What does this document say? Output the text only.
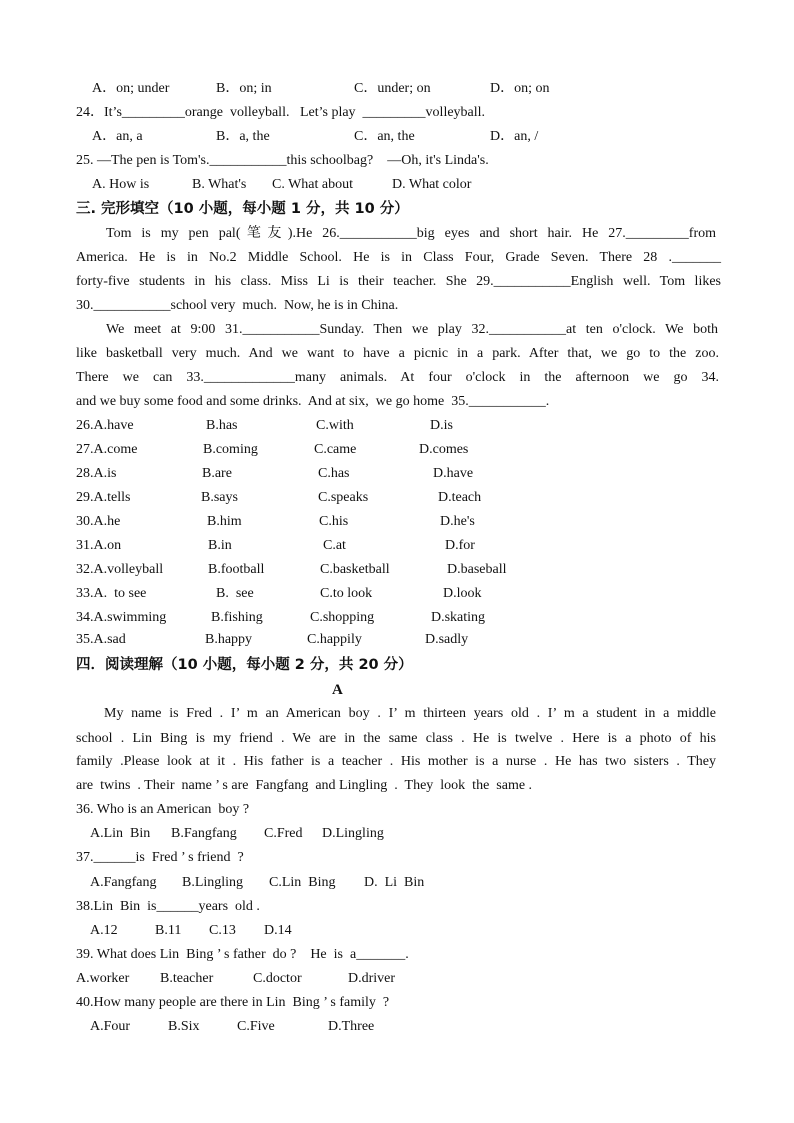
A．on; under	B．on; in	C．under; on	D．on; on
24．It’s_________orange  volleyball.   Let’s play  _________volleyball.
A．an, a	B．a, the	C．an, the	D．an, /
25. —The pen is Tom's.___________this schoolbag?    —Oh, it's Linda's.
A. How is	B. What's C. What about	D. What color
三. 完形填空（10 小题，每小题 1 分，共 10 分）
Tom is my pen pal(笔友).He 26.___________big eyes and short hair. He 27._________from
America. He is in No.2 Middle School. He is in Class Four, Grade Seven. There 28 ._______
forty-five students in his class. Miss Li is their teacher. She 29.___________English well. Tom likes
30.___________school very  much.  Now, he is in China.
We meet at 9:00 31.___________Sunday. Then we play 32.___________at ten o'clock. We both
like basketball very much. And we want to have a picnic in a park. After that, we go to the zoo.
There we can 33._____________many animals. At four o'clock in the afternoon we go 34.
and we buy some food and some drinks.  And at six,  we go home  35.___________.
26.A.have	B.has	C.with	D.is
27.A.come	B.coming	C.came	D.comes
28.A.is	B.are	C.has	D.have
29.A.tells	B.says	C.speaks	D.teach
30.A.he	B.him	C.his	D.he's
31.A.on	B.in	C.at	D.for
32.A.volleyball	B.football	C.basketball	D.baseball
33.A.  to see	B.  see	C.to look	D.look
34.A.swimming	B.fishing	C.shopping	D.skating
35.A.sad	B.happy	C.happily	D.sadly
四．阅读理解（10 小题，每小题 2 分，共 20 分）
A
My name is Fred . I’ m an American boy . I’ m thirteen years old . I’ m a student in a middle
school . Lin Bing is my friend . We are in the same class . He is twelve . Here is a photo of his
family .Please look at it . His father is a teacher . His mother is a nurse . He has two sisters . They
are  twins  . Their  name ’ s are  Fangfang  and Lingling  .  They  look  the  same .
36. Who is an American  boy ?
A.Lin  Bin B.Fangfang C.Fred D.Lingling
37.______is  Fred ’ s friend  ?
A.Fangfang B.Lingling C.Lin  Bing D.  Li  Bin
38.Lin  Bin  is______years  old .
A.12	B.11 C.13 D.14
39. What does Lin  Bing ’ s father  do ?    He  is  a_______.
A.worker B.teacher	C.doctor	D.driver
40.How many people are there in Lin  Bing ’ s family  ?
A.Four	B.Six	C.Five	D.Three
